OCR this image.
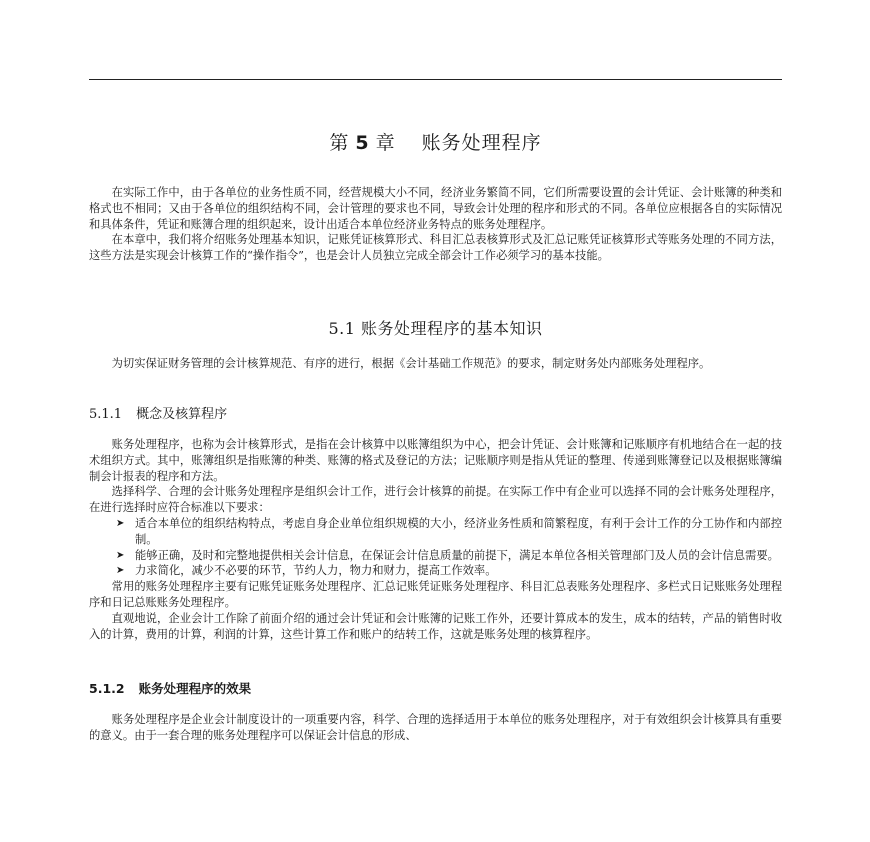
第 5 章 账务处理程序

在实际工作中，由于各单位的业务性质不同，经营规模大小不同，经济业务繁简不同，它们所需要设置的会计凭证、会计账簿的种类和格式也不相同；又由于各单位的组织结构不同，会计管理的要求也不同，导致会计处理的程序和形式的不同。各单位应根据各自的实际情况和具体条件，凭证和账簿合理的组织起来，设计出适合本单位经济业务特点的账务处理程序。

在本章中，我们将介绍账务处理基本知识，记账凭证核算形式、科目汇总表核算形式及汇总记账凭证核算形式等账务处理的不同方法，这些方法是实现会计核算工作的“操作指令”，也是会计人员独立完成全部会计工作必须学习的基本技能。

5.1 账务处理程序的基本知识

为切实保证财务管理的会计核算规范、有序的进行，根据《会计基础工作规范》的要求，制定财务处内部账务处理程序。

5.1.1 概念及核算程序

账务处理程序，也称为会计核算形式，是指在会计核算中以账簿组织为中心，把会计凭证、会计账簿和记账顺序有机地结合在一起的技术组织方式。其中，账簿组织是指账簿的种类、账簿的格式及登记的方法；记账顺序则是指从凭证的整理、传递到账簿登记以及根据账簿编制会计报表的程序和方法。

选择科学、合理的会计账务处理程序是组织会计工作，进行会计核算的前提。在实际工作中有企业可以选择不同的会计账务处理程序，在进行选择时应符合标准以下要求：

➤ 适合本单位的组织结构特点，考虑自身企业单位组织规模的大小，经济业务性质和简繁程度，有利于会计工作的分工协作和内部控制。
➤ 能够正确，及时和完整地提供相关会计信息，在保证会计信息质量的前提下，满足本单位各相关管理部门及人员的会计信息需要。
➤ 力求简化，减少不必要的环节，节约人力，物力和财力，提高工作效率。

常用的账务处理程序主要有记账凭证账务处理程序、汇总记账凭证账务处理程序、科目汇总表账务处理程序、多栏式日记账账务处理程序和日记总账账务处理程序。

直观地说，企业会计工作除了前面介绍的通过会计凭证和会计账簿的记账工作外，还要计算成本的发生，成本的结转，产品的销售时收入的计算，费用的计算，利润的计算，这些计算工作和账户的结转工作，这就是账务处理的核算程序。

5.1.2 账务处理程序的效果

账务处理程序是企业会计制度设计的一项重要内容，科学、合理的选择适用于本单位的账务处理程序，对于有效组织会计核算具有重要的意义。由于一套合理的账务处理程序可以保证会计信息的形成、
